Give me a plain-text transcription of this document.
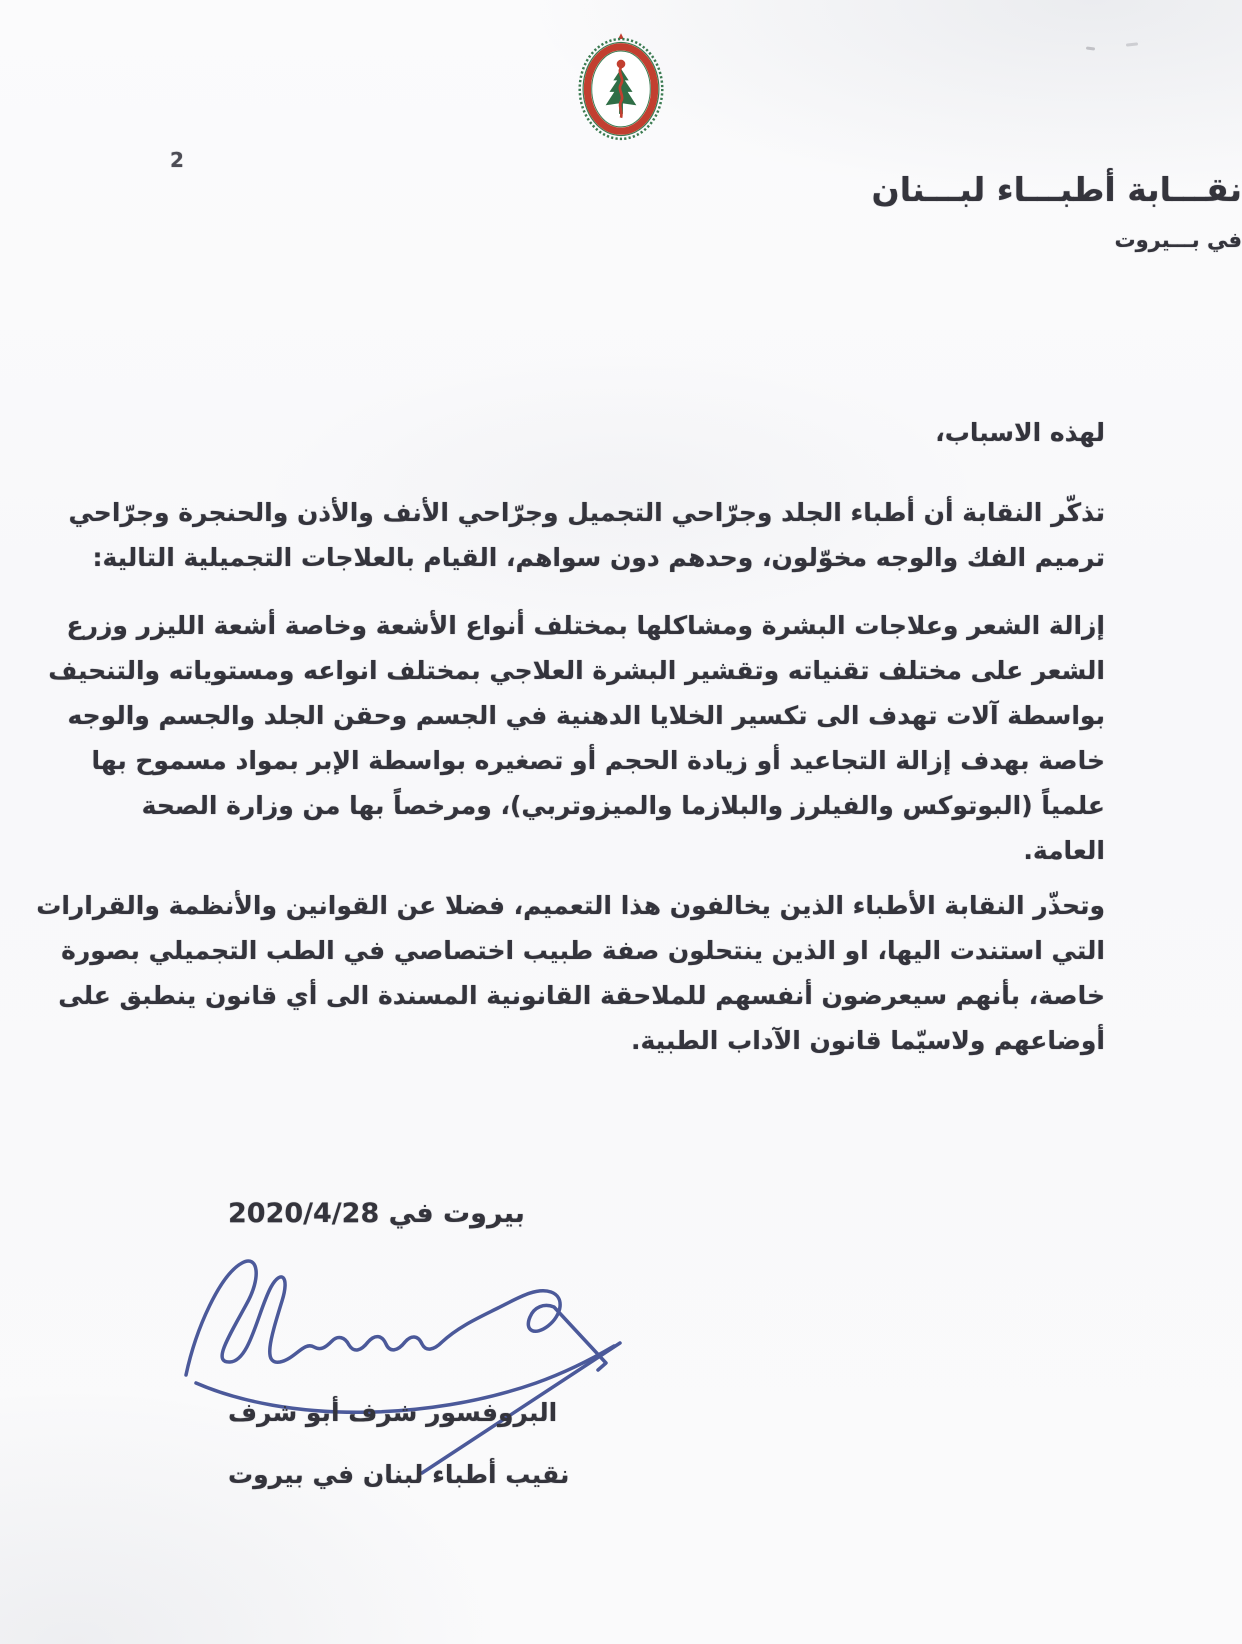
2
نقـــابة أطبـــاء لبـــنان
في بـــيروت
لهذه الاسباب،
تذكّر النقابة أن أطباء الجلد وجرّاحي التجميل وجرّاحي الأنف والأذن والحنجرة وجرّاحي
ترميم الفك والوجه مخوّلون، وحدهم دون سواهم، القيام بالعلاجات التجميلية التالية:
إزالة الشعر وعلاجات البشرة ومشاكلها بمختلف أنواع الأشعة وخاصة أشعة الليزر وزرع
الشعر على مختلف تقنياته وتقشير البشرة العلاجي بمختلف انواعه ومستوياته والتنحيف
بواسطة آلات تهدف الى تكسير الخلايا الدهنية في الجسم وحقن الجلد والجسم والوجه
خاصة بهدف إزالة التجاعيد أو زيادة الحجم أو تصغيره بواسطة الإبر بمواد مسموح بها
علمياً (البوتوكس والفيلرز والبلازما والميزوتربي)، ومرخصاً بها من وزارة الصحة
العامة.
وتحذّر النقابة الأطباء الذين يخالفون هذا التعميم، فضلا عن القوانين والأنظمة والقرارات
التي استندت اليها، او الذين ينتحلون صفة طبيب اختصاصي في الطب التجميلي بصورة
خاصة، بأنهم سيعرضون أنفسهم للملاحقة القانونية المسندة الى أي قانون ينطبق على
أوضاعهم ولاسيّما قانون الآداب الطبية.
بيروت في 2020/4/28
البروفسور شرف أبو شرف
نقيب أطباء لبنان في بيروت
